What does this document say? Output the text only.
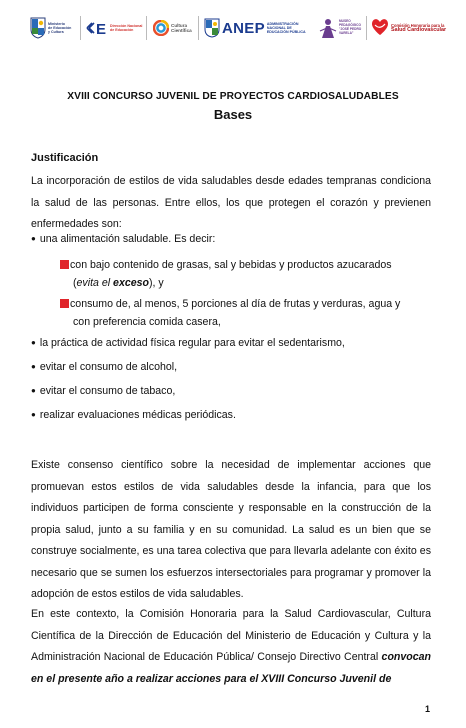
Ministerio
de Educación
y Cultura	E Dirección Nacional
de Educación
Cultura
Científica ANEP ADMINISTRACIÓN
NACIONAL DE
EDUCACIÓN PÚBLICA
MUSEO
PEDAGÓGICO
"JOSÉ PEDRO
VARELA"
Comisión Honoraria para la
Salud Cardiovascular
XVIII CONCURSO JUVENIL DE PROYECTOS CARDIOSALUDABLES
Bases
Justificación
La incorporación de estilos de vida saludables desde edades tempranas condiciona la salud de las personas. Entre ellos, los que protegen el corazón y previenen enfermedades son:
● una alimentación saludable. Es decir:
con bajo contenido de grasas, sal y bebidas y productos azucarados
(evita el exceso), y
consumo de, al menos, 5 porciones al día de frutas y verduras, agua y
con preferencia comida casera,
● la práctica de actividad física regular para evitar el sedentarismo,
● evitar el consumo de alcohol,
● evitar el consumo de tabaco,
● realizar evaluaciones médicas periódicas.
Existe consenso científico sobre la necesidad de implementar acciones que promuevan estos estilos de vida saludables desde la infancia, para que los individuos participen de forma consciente y responsable en la construcción de la propia salud, junto a su familia y en su comunidad. La salud es un bien que se construye socialmente, es una tarea colectiva que para llevarla adelante con éxito es necesario que se sumen los esfuerzos intersectoriales para programar y promover la adopción de estos estilos de vida saludables.
En este contexto, la Comisión Honoraria para la Salud Cardiovascular, Cultura Científica de la Dirección de Educación del Ministerio de Educación y Cultura y la Administración Nacional de Educación Pública/ Consejo Directivo Central convocan en el presente año a realizar acciones para el XVIII Concurso Juvenil de
1
